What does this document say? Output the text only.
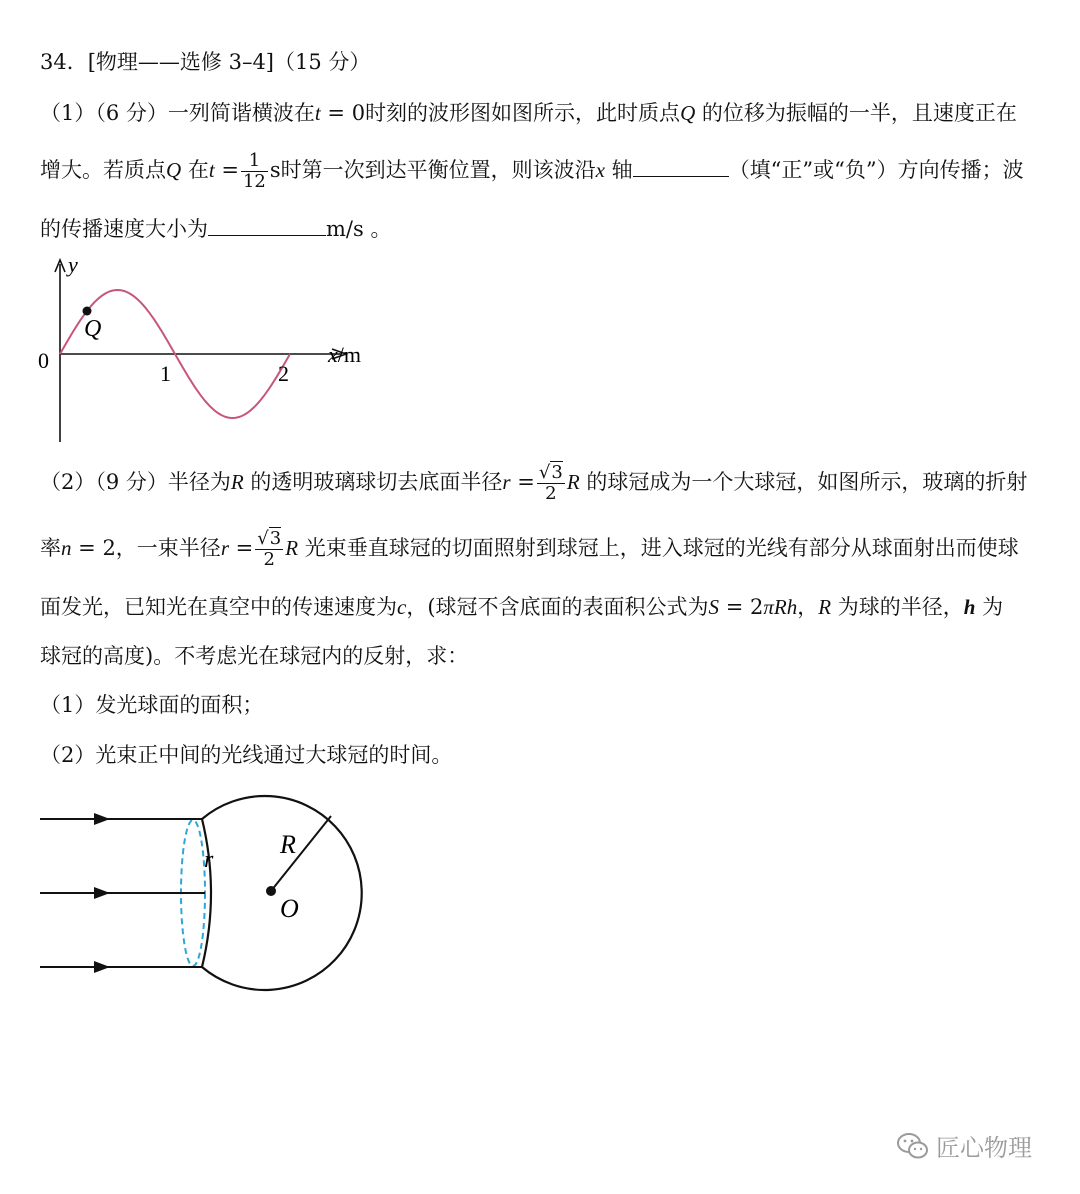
34．[物理——选修 3–4]（15 分）
（1）（6 分）一列简谐横波在t = 0时刻的波形图如图所示，此时质点Q 的位移为振幅的一半，且速度正在
增大。若质点Q 在$t = \frac{1}{12}$ s时第一次到达平衡位置，则该波沿x 轴	（填“正”或“负”）方向传播；波
的传播速度大小为	m/s 。
Q
y
x/m
0
1	2
（2）（9 分）半径为R 的透明玻璃球切去底面半径$r = \frac{√3}{2}$ R 的球冠成为一个大球冠，如图所示，玻璃的折射
率n = 2，一束半径$r = \frac{√3}{2}$ R 光束垂直球冠的切面照射到球冠上，进入球冠的光线有部分从球面射出而使球
面发光，已知光在真空中的传速速度为c，(球冠不含底面的表面积公式为S = 2πRh，R 为球的半径，h 为
球冠的高度)。不考虑光在球冠内的反射，求：
（1）发光球面的面积；
（2）光束正中间的光线通过大球冠的时间。
R
O
r
匠心物理
